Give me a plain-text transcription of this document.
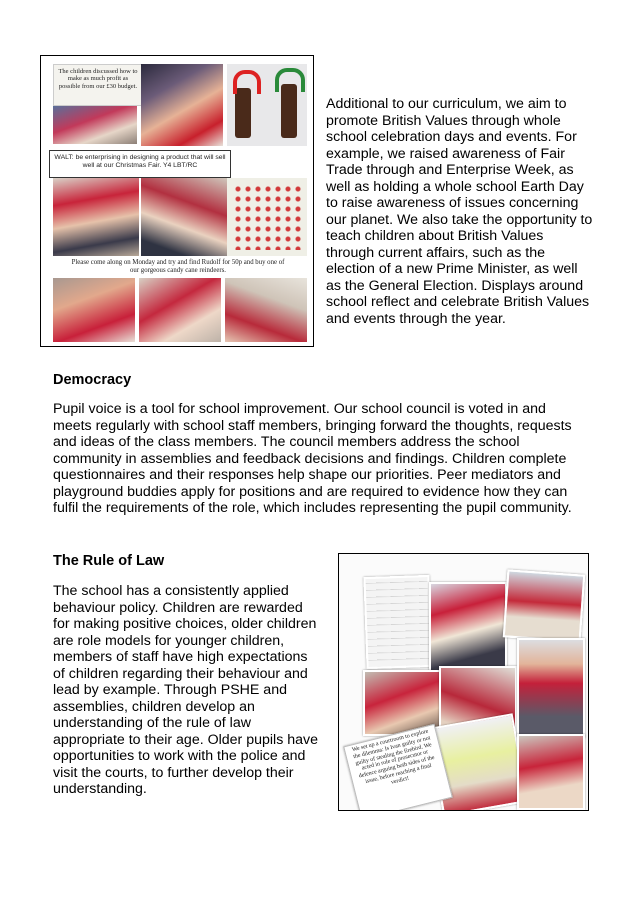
The children discussed how to make as much profit as possible from our £30 budget.
WALT: be enterprising in designing a product that will sell well at our Christmas Fair. Y4 LBT/RC
Please come along on Monday and try and find Rudolf for 50p and buy one of our gorgeous candy cane reindeers.
Additional to our curriculum, we aim to promote British Values through whole school celebration days and events. For example, we raised awareness of Fair Trade through and Enterprise Week, as well as holding a whole school Earth Day to raise awareness of issues concerning our planet. We also take the opportunity to teach children about British Values through current affairs, such as the election of a new Prime Minister, as well as the General Election. Displays around school reflect and celebrate British Values and events through the year.
Democracy
Pupil voice is a tool for school improvement. Our school council is voted in and meets regularly with school staff members, bringing forward the thoughts, requests and ideas of the class members. The council members address the school community in assemblies and feedback decisions and findings. Children complete questionnaires and their responses help shape our priorities. Peer mediators and playground buddies apply for positions and are required to evidence how they can fulfil the requirements of the role, which includes representing the pupil community.
The Rule of Law
The school has a consistently applied behaviour policy. Children are rewarded for making positive choices, older children are role models for younger children, members of staff have high expectations of children regarding their behaviour and lead by example. Through PSHE and assemblies, children develop an understanding of the rule of law appropriate to their age. Older pupils have opportunities to work with the police and visit the courts, to further develop their understanding.
We set up a courtroom to explore the dilemma: Is Ivan guilty or not guilty of stealing the firebird. We acted in role of prosecutor or defence arguing both sides of the issue, before reaching a final verdict!
